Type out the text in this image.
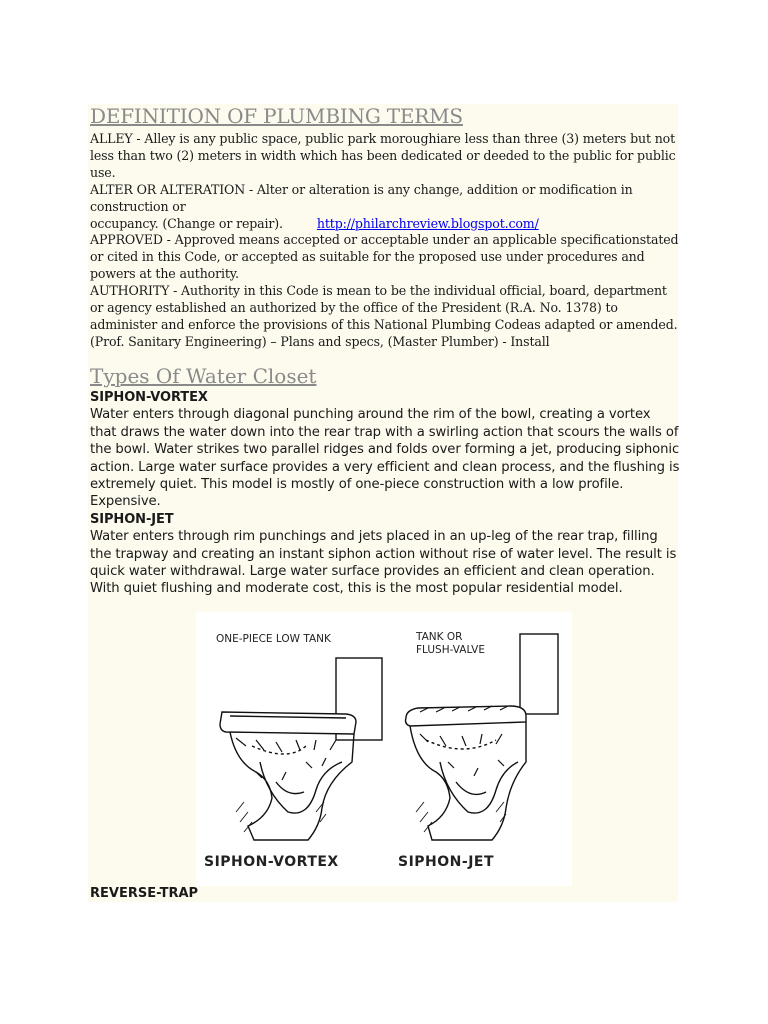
DEFINITION OF PLUMBING TERMS

ALLEY - Alley is any public space, public park moroughiare less than three (3) meters but not less than two (2) meters in width which has been dedicated or deeded to the public for public use.

ALTER OR ALTERATION - Alter or alteration is any change, addition or modification in construction or

occupancy. (Change or repair).	http://philarchreview.blogspot.com/

APPROVED - Approved means accepted or acceptable under an applicable specificationstated or cited in this Code, or accepted as suitable for the proposed use under procedures and powers at the authority.

AUTHORITY - Authority in this Code is mean to be the individual official, board, department or agency established an authorized by the office of the President (R.A. No. 1378) to administer and enforce the provisions of this National Plumbing Codeas adapted or amended. (Prof. Sanitary Engineering) – Plans and specs, (Master Plumber) - Install

Types Of Water Closet

SIPHON-VORTEX

Water enters through diagonal punching around the rim of the bowl, creating a vortex that draws the water down into the rear trap with a swirling action that scours the walls of the bowl. Water strikes two parallel ridges and folds over forming a jet, producing siphonic action. Large water surface provides a very efficient and clean process, and the flushing is extremely quiet. This model is mostly of one-piece construction with a low profile. Expensive.

SIPHON-JET

Water enters through rim punchings and jets placed in an up-leg of the rear trap, filling the trapway and creating an instant siphon action without rise of water level. The result is quick water withdrawal. Large water surface provides an efficient and clean operation. With quiet flushing and moderate cost, this is the most popular residential model.

ONE-PIECE LOW TANK	TANK OR
FLUSH-VALVE
SIPHON-VORTEX	SIPHON-JET

REVERSE-TRAP
